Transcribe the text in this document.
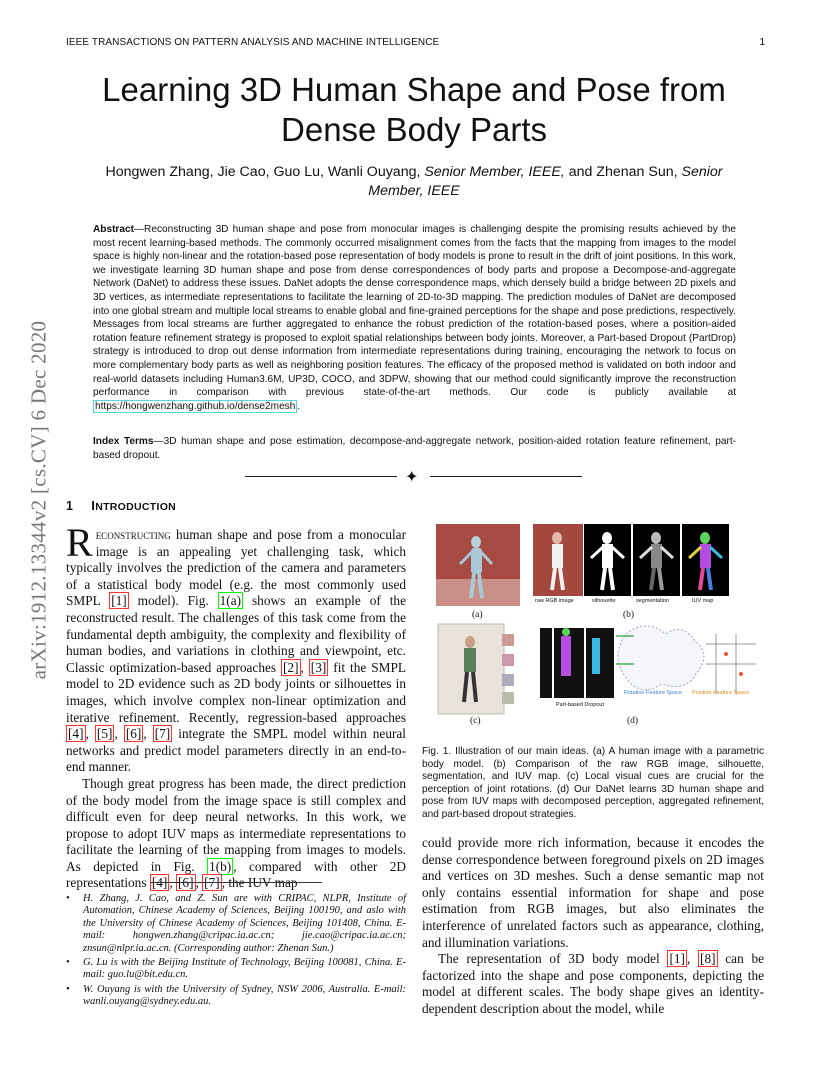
IEEE TRANSACTIONS ON PATTERN ANALYSIS AND MACHINE INTELLIGENCE	1
arXiv:1912.13344v2 [cs.CV] 6 Dec 2020
Learning 3D Human Shape and Pose from
Dense Body Parts
Hongwen Zhang, Jie Cao, Guo Lu, Wanli Ouyang, Senior Member, IEEE, and Zhenan Sun, Senior
Member, IEEE
Abstract—Reconstructing 3D human shape and pose from monocular images is challenging despite the promising results achieved by the most recent learning-based methods. The commonly occurred misalignment comes from the facts that the mapping from images to the model space is highly non-linear and the rotation-based pose representation of body models is prone to result in the drift of joint positions. In this work, we investigate learning 3D human shape and pose from dense correspondences of body parts and propose a Decompose-and-aggregate Network (DaNet) to address these issues. DaNet adopts the dense correspondence maps, which densely build a bridge between 2D pixels and 3D vertices, as intermediate representations to facilitate the learning of 2D-to-3D mapping. The prediction modules of DaNet are decomposed into one global stream and multiple local streams to enable global and fine-grained perceptions for the shape and pose predictions, respectively. Messages from local streams are further aggregated to enhance the robust prediction of the rotation-based poses, where a position-aided rotation feature refinement strategy is proposed to exploit spatial relationships between body joints. Moreover, a Part-based Dropout (PartDrop) strategy is introduced to drop out dense information from intermediate representations during training, encouraging the network to focus on more complementary body parts as well as neighboring position features. The efficacy of the proposed method is validated on both indoor and real-world datasets including Human3.6M, UP3D, COCO, and 3DPW, showing that our method could significantly improve the reconstruction performance in comparison with previous state-of-the-art methods. Our code is publicly available at https://hongwenzhang.github.io/dense2mesh .
Index Terms—3D human shape and pose estimation, decompose-and-aggregate network, position-aided rotation feature refinement, part-based dropout.
✦
1 INTRODUCTION

Reconstructing human shape and pose from a monocular image is an appealing yet challenging task, which typically involves the prediction of the camera and parameters of a statistical body model (e.g. the most commonly used SMPL [1] model). Fig. 1(a) shows an example of the reconstructed result. The challenges of this task come from the fundamental depth ambiguity, the complexity and flexibility of human bodies, and variations in clothing and viewpoint, etc. Classic optimization-based approaches [2] , [3] fit the SMPL model to 2D evidence such as 2D body joints or silhouettes in images, which involve complex non-linear optimization and iterative refinement. Recently, regression-based approaches [4] , [5] , [6] , [7] integrate the SMPL model within neural networks and predict model parameters directly in an end-to-end manner.

Though great progress has been made, the direct prediction of the body model from the image space is still complex and difficult even for deep neural networks. In this work, we propose to adopt IUV maps as intermediate representations to facilitate the learning of the mapping from images to models. As depicted in Fig. 1(b) , compared with other 2D representations

• H. Zhang, J. Cao, and Z. Sun are with CRIPAC, NLPR, Institute of Automation, Chinese Academy of Sciences, Beijing 100190, and aslo with the University of Chinese Academy of Sciences, Beijing 101408, China. E-mail: hongwen.zhang@cripac.ia.ac.cn; jie.cao@cripac.ia.ac.cn; znsun@nlpr.ia.ac.cn. (Corresponding author: Zhenan Sun.)
• G. Lu is with the Beijing Institute of Technology, Beijing 100081, China. E-mail: guo.lu@bit.edu.cn.
• W. Ouyang is with the University of Sydney, NSW 2006, Australia. E-mail: wanli.ouyang@sydney.edu.au.
(a)	(b)
(c)	(d)
raw RGB image	silhouette	segmentation	IUV map
Part-based Dropout
Rotation Feature Space Position Feature Space
Fig. 1. Illustration of our main ideas. (a) A human image with a parametric body model. (b) Comparison of the raw RGB image, silhouette, segmentation, and IUV map. (c) Local visual cues are crucial for the perception of joint rotations. (d) Our DaNet learns 3D human shape and pose from IUV maps with decomposed perception, aggregated refinement, and part-based dropout strategies.

could provide more rich information, because it encodes the dense correspondence between foreground pixels on 2D images and vertices on 3D meshes. Such a dense semantic map not only contains essential information for shape and pose estimation from RGB images, but also eliminates the interference of unrelated factors such as appearance, clothing, and illumination variations.

The representation of 3D body model [1] , [8] can be factorized into the shape and pose components, depicting the model at different scales. The body shape gives an identity-dependent description about the model, while
